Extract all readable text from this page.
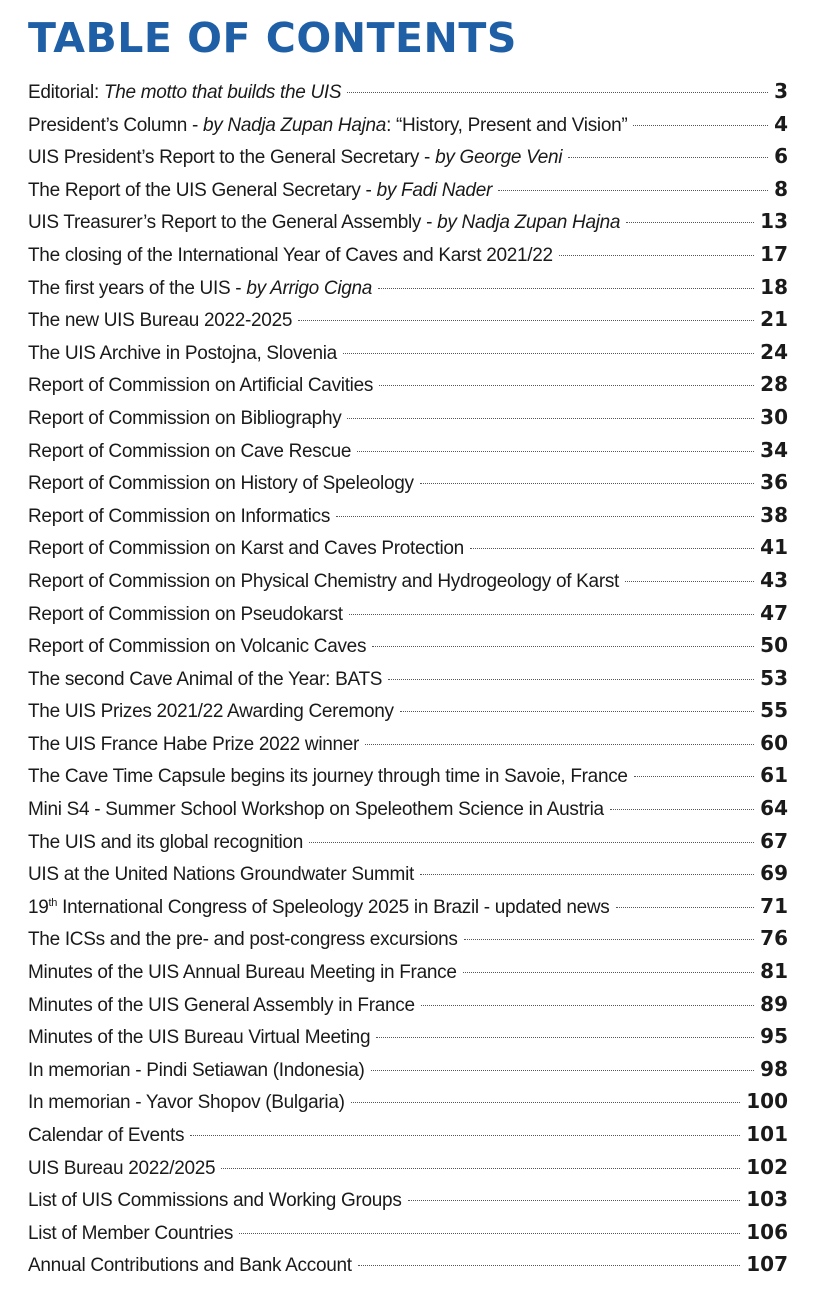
TABLE OF CONTENTS
Editorial: The motto that builds the UIS	3
President’s Column - by Nadja Zupan Hajna: “History, Present and Vision”	4
UIS President’s Report to the General Secretary - by George Veni	6
The Report of the UIS General Secretary - by Fadi Nader	8
UIS Treasurer’s Report to the General Assembly - by Nadja Zupan Hajna	13
The closing of the International Year of Caves and Karst 2021/22	17
The first years of the UIS - by Arrigo Cigna	18
The new UIS Bureau 2022-2025	21
The UIS Archive in Postojna, Slovenia	24
Report of Commission on Artificial Cavities	28
Report of Commission on Bibliography	30
Report of Commission on Cave Rescue	34
Report of Commission on History of Speleology	36
Report of Commission on Informatics	38
Report of Commission on Karst and Caves Protection	41
Report of Commission on Physical Chemistry and Hydrogeology of Karst	43
Report of Commission on Pseudokarst	47
Report of Commission on Volcanic Caves	50
The second Cave Animal of the Year: BATS	53
The UIS Prizes 2021/22 Awarding Ceremony	55
The UIS France Habe Prize 2022 winner	60
The Cave Time Capsule begins its journey through time in Savoie, France	61
Mini S4 - Summer School Workshop on Speleothem Science in Austria	64
The UIS and its global recognition	67
UIS at the United Nations Groundwater Summit	69
19th International Congress of Speleology 2025 in Brazil - updated news	71
The ICSs and the pre- and post-congress excursions	76
Minutes of the UIS Annual Bureau Meeting in France	81
Minutes of the UIS General Assembly in France	89
Minutes of the UIS Bureau Virtual Meeting	95
In memorian - Pindi Setiawan (Indonesia)	98
In memorian - Yavor Shopov (Bulgaria)	100
Calendar of Events	101
UIS Bureau 2022/2025	102
List of UIS Commissions and Working Groups	103
List of Member Countries	106
Annual Contributions and Bank Account	107
